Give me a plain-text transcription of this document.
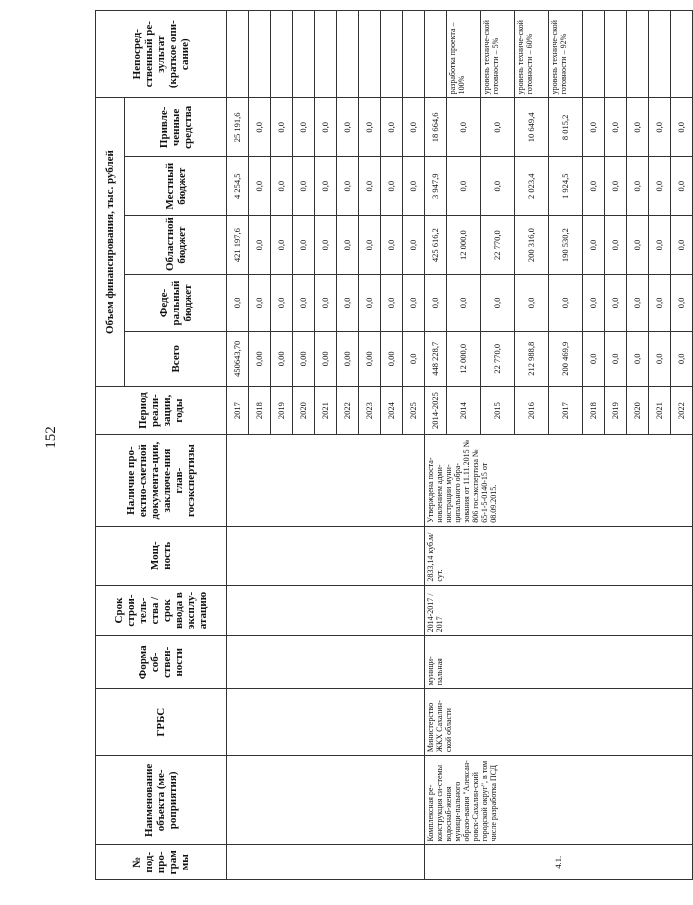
152
№ под-про-грам мы	Наименование объекта (ме-роприятия)	ГРБС	Форма соб-ствен-ности	Срок строи-тель-ства / срок ввода в эксплу-атацию	Мощ-ность	Наличие про-ектно-сметной документа-ции, заключе-ния глав-госэкспертизы	Период реали-зации, годы	Объем финансирования, тыс. рублей					Непосред-ственный ре-зультат (краткое опи-сание)
								Всего	Феде-ральный бюджет	Областной бюджет	Местный бюджет	Привле-ченные средства	
							2017	450643,70	0,0	421 197,6	4 254,5	25 191,6	
							2018	0,00	0,0	0,0	0,0	0,0	
							2019	0,00	0,0	0,0	0,0	0,0	
							2020	0,00	0,0	0,0	0,0	0,0	
							2021	0,00	0,0	0,0	0,0	0,0	
							2022	0,00	0,0	0,0	0,0	0,0	
							2023	0,00	0,0	0,0	0,0	0,0	
							2024	0,00	0,0	0,0	0,0	0,0	
							2025	0,0	0,0	0,0	0,0	0,0	
4.1.	Комплексная ре-конструкция си-стемы водоснаб-жения муници-пального образо-вания "Алексан-ровск-Сахалин-ский городской округ", в том числе разработка ПСД	Министерство ЖКХ Сахалин-ской области	муници-пальная	2014-2017 / 2017	2833,14 куб.м/сут.	Утверждена поста-новлением адми-нистрации муни-ципального обра-зования от 11.11.2015 № 806 гос.экспертиза № 65-1-5-0140-15 от 08.09.2015.	2014-2025	448 228,7	0,0	425 616,2	3 947,9	18 664,6	
							2014	12 000,0	0,0	12 000,0	0,0	0,0	разработка проекта – 100%
							2015	22 770,0	0,0	22 770,0	0,0	0,0	уровень техниче-ской готовности – 5%
							2016	212 988,8	0,0	200 316,0	2 023,4	10 649,4	уровень техниче-ской готовности – 60%
							2017	200 469,9	0,0	190 530,2	1 924,5	8 015,2	уровень техниче-ской готовности – 92%
							2018	0,0	0,0	0,0	0,0	0,0	
							2019	0,0	0,0	0,0	0,0	0,0	
							2020	0,0	0,0	0,0	0,0	0,0	
							2021	0,0	0,0	0,0	0,0	0,0	
							2022	0,0	0,0	0,0	0,0	0,0	
